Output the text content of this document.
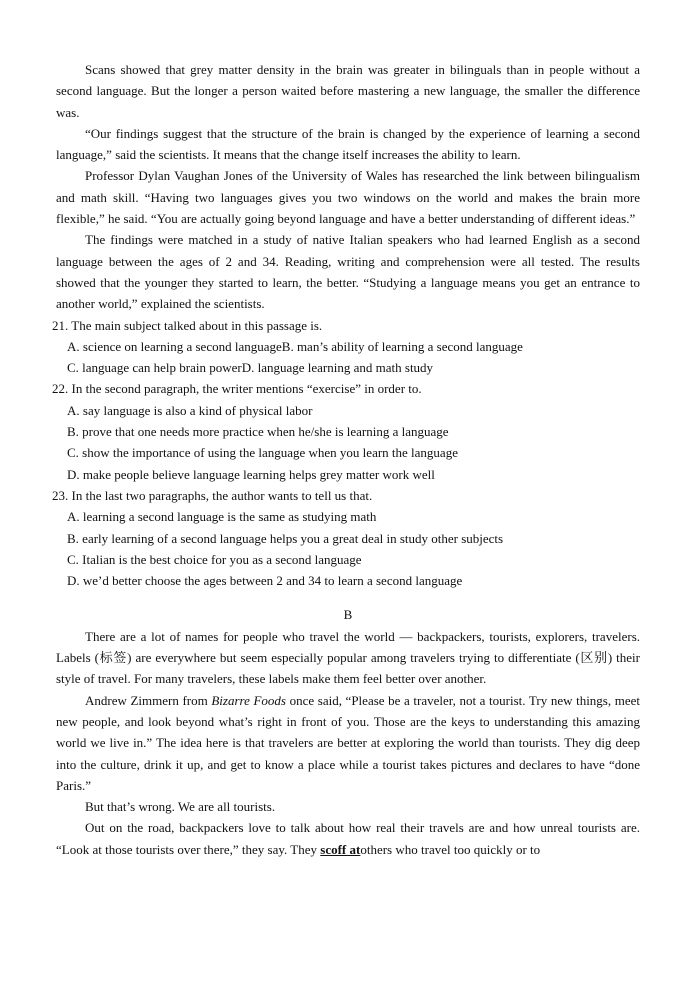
Scans showed that grey matter density in the brain was greater in bilinguals than in people without a second language. But the longer a person waited before mastering a new language, the smaller the difference was.

“Our findings suggest that the structure of the brain is changed by the experience of learning a second language,” said the scientists. It means that the change itself increases the ability to learn.

Professor Dylan Vaughan Jones of the University of Wales has researched the link between bilingualism and math skill. “Having two languages gives you two windows on the world and makes the brain more flexible,” he said. “You are actually going beyond language and have a better understanding of different ideas.”

The findings were matched in a study of native Italian speakers who had learned English as a second language between the ages of 2 and 34. Reading, writing and comprehension were all tested. The results showed that the younger they started to learn, the better. “Studying a language means you get an entrance to another world,” explained the scientists.

21. The main subject talked about in this passage is.

A. science on learning a second languageB. man’s ability of learning a second language

C. language can help brain powerD. language learning and math study

22. In the second paragraph, the writer mentions “exercise” in order to.

A. say language is also a kind of physical labor

B. prove that one needs more practice when he/she is learning a language

C. show the importance of using the language when you learn the language

D. make people believe language learning helps grey matter work well

23. In the last two paragraphs, the author wants to tell us that.

A. learning a second language is the same as studying math

B. early learning of a second language helps you a great deal in study other subjects

C. Italian is the best choice for you as a second language

D. we’d better choose the ages between 2 and 34 to learn a second language

B

There are a lot of names for people who travel the world — backpackers, tourists, explorers, travelers. Labels (标签) are everywhere but seem especially popular among travelers trying to differentiate (区别) their style of travel. For many travelers, these labels make them feel better over another.

Andrew Zimmern from Bizarre Foods once said, “Please be a traveler, not a tourist. Try new things, meet new people, and look beyond what’s right in front of you. Those are the keys to understanding this amazing world we live in.” The idea here is that travelers are better at exploring the world than tourists. They dig deep into the culture, drink it up, and get to know a place while a tourist takes pictures and declares to have “done Paris.”

But that’s wrong. We are all tourists.

Out on the road, backpackers love to talk about how real their travels are and how unreal tourists are. “Look at those tourists over there,” they say. They scoff atothers who travel too quickly or to
